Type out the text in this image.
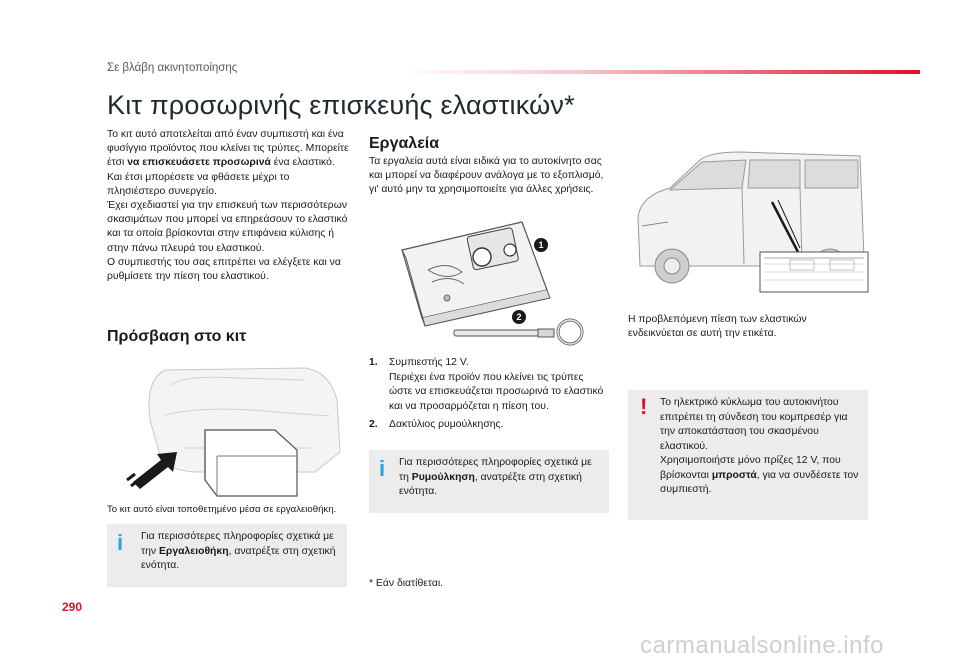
Σε βλάβη ακινητοποίησης
Κιτ προσωρινής επισκευής ελαστικών*
Το κιτ αυτό αποτελείται από έναν συμπιεστή και ένα φυσίγγιο προϊόντος που κλείνει τις τρύπες. Μπορείτε έτσι να επισκευάσετε προσωρινά ένα ελαστικό.
Και έτσι μπορέσετε να φθάσετε μέχρι το πλησιέστερο συνεργείο.
Έχει σχεδιαστεί για την επισκευή των περισσότερων σκασιμάτων που μπορεί να επηρεάσουν το ελαστικό και τα οποία βρίσκονται στην επιφάνεια κύλισης ή στην πάνω πλευρά του ελαστικού.
Ο συμπιεστής του σας επιτρέπει να ελέγξετε και να ρυθμίσετε την πίεση του ελαστικού.
Πρόσβαση στο κιτ
Το κιτ αυτό είναι τοποθετημένο μέσα σε εργαλειοθήκη.
i Για περισσότερες πληροφορίες σχετικά με την Εργαλειοθήκη, ανατρέξτε στη σχετική ενότητα.
Εργαλεία
Τα εργαλεία αυτά είναι ειδικά για το αυτοκίνητο σας και μπορεί να διαφέρουν ανάλογα με το εξοπλισμό, γι' αυτό μην τα χρησιμοποιείτε για άλλες χρήσεις.
1
2
1. Συμπιεστής 12 V.
Περιέχει ένα προϊόν που κλείνει τις τρύπες ώστε να επισκευάζεται προσωρινά το ελαστικό και να προσαρμόζεται η πίεση του.
2. Δακτύλιος ρυμούλκησης.
i Για περισσότερες πληροφορίες σχετικά με τη Ρυμούλκηση, ανατρέξτε στη σχετική ενότητα.
* Εάν διατίθεται.
Η προβλεπόμενη πίεση των ελαστικών ενδεικνύεται σε αυτή την ετικέτα.
! Το ηλεκτρικό κύκλωμα του αυτοκινήτου επιτρέπει τη σύνδεση του κομπρεσέρ για την αποκατάσταση του σκασμένου ελαστικού.
Χρησιμοποιήστε μόνο πρίζες 12 V, που βρίσκονται μπροστά, για να συνδέσετε τον συμπιεστή.
290
carmanualsonline.info
